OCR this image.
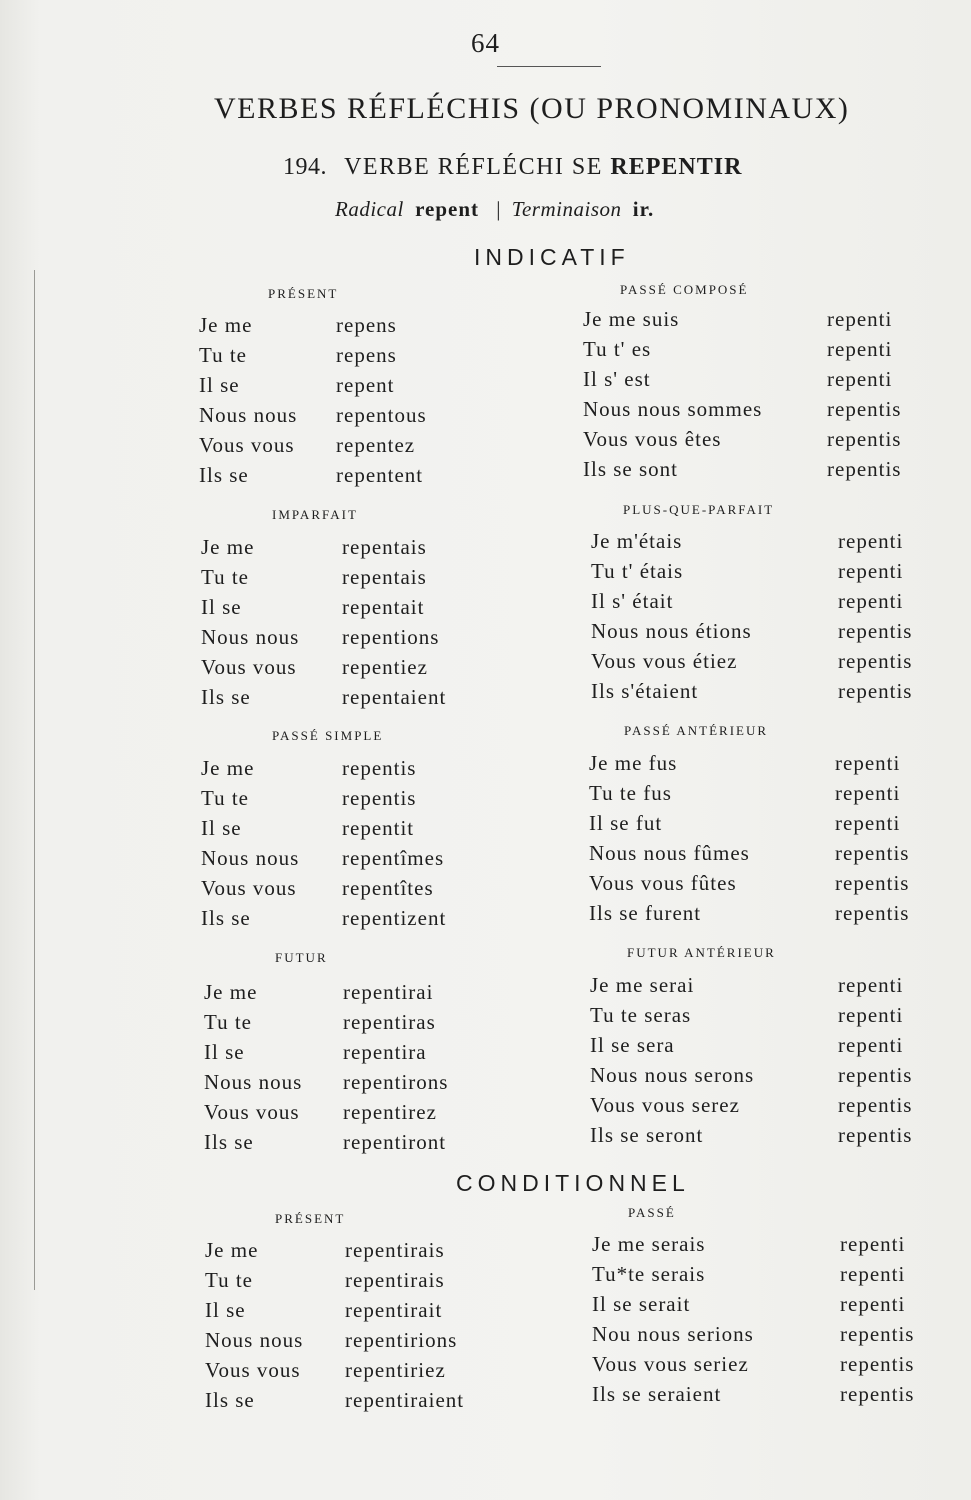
64
VERBES RÉFLÉCHIS (OU PRONOMINAUX)
194. VERBE RÉFLÉCHI SE REPENTIR
Radical repent | Terminaison ir.
INDICATIF
CONDITIONNEL
PRÉSENT
Je me	repens
Tu te	repens
Il se	repent
Nous nous repentous
Vous vous repentez
Ils se	repentent
PASSÉ COMPOSÉ
Je me suis	repenti
Tu t' es	repenti
Il s' est	repenti
Nous nous sommes	repentis
Vous vous êtes	repentis
Ils se sont	repentis
IMPARFAIT
Je me	repentais
Tu te	repentais
Il se	repentait
Nous nous repentions
Vous vous repentiez
Ils se	repentaient
PLUS-QUE-PARFAIT
Je m'étais	repenti
Tu t' étais	repenti
Il s' était	repenti
Nous nous étions	repentis
Vous vous étiez	repentis
Ils s'étaient	repentis
PASSÉ SIMPLE
Je me	repentis
Tu te	repentis
Il se	repentit
Nous nous repentîmes
Vous vous repentîtes
Ils se	repentizent
PASSÉ ANTÉRIEUR
Je me fus	repenti
Tu te fus	repenti
Il se fut	repenti
Nous nous fûmes	repentis
Vous vous fûtes	repentis
Ils se furent	repentis
FUTUR
Je me	repentirai
Tu te	repentiras
Il se	repentira
Nous nous repentirons
Vous vous repentirez
Ils se	repentiront
FUTUR ANTÉRIEUR
Je me serai	repenti
Tu te seras	repenti
Il se sera	repenti
Nous nous serons	repentis
Vous vous serez	repentis
Ils se seront	repentis
PRÉSENT
Je me	repentirais
Tu te	repentirais
Il se	repentirait
Nous nous repentirions
Vous vous repentiriez
Ils se	repentiraient
PASSÉ
Je me serais	repenti
Tu*te serais	repenti
Il se serait	repenti
Nou nous serions	repentis
Vous vous seriez	repentis
Ils se seraient	repentis
